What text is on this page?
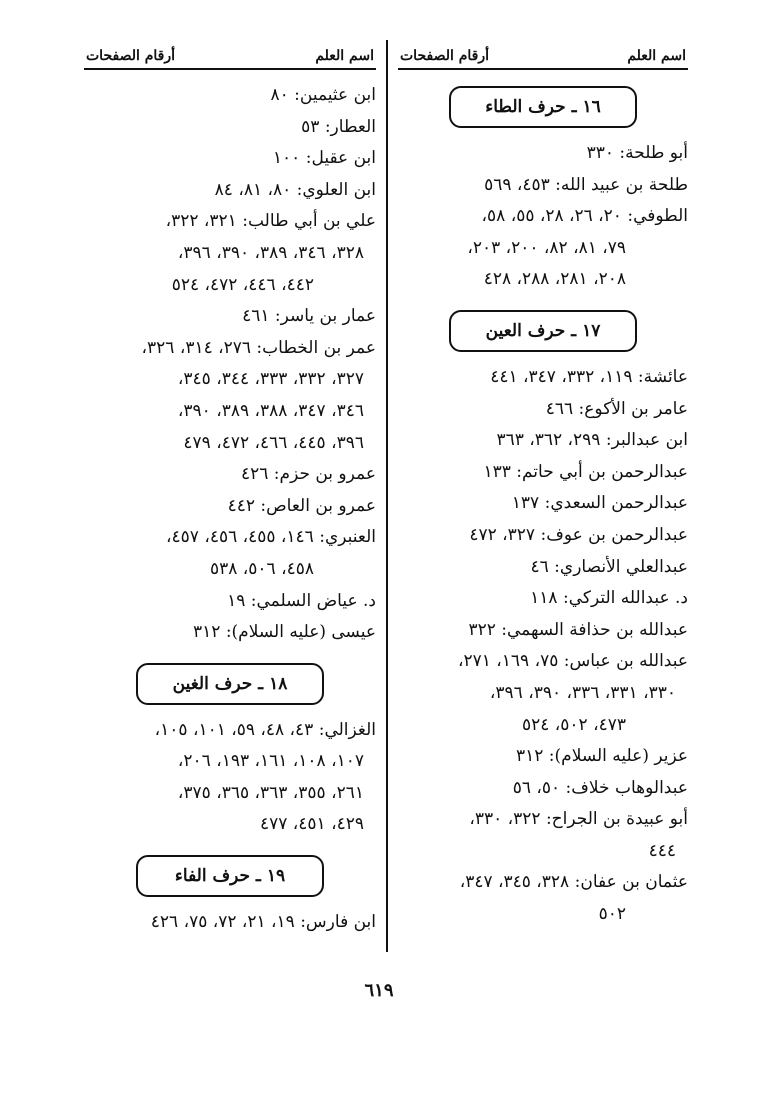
اسم العلم
أرقام الصفحات
١٦ ـ حرف الطاء
أبو طلحة: ٣٣٠
طلحة بن عبيد الله: ٤٥٣، ٥٦٩
الطوفي: ٢٠، ٢٦، ٢٨، ٥٥، ٥٨،
٧٩، ٨١، ٨٢، ٢٠٠، ٢٠٣،
٢٠٨، ٢٨١، ٢٨٨، ٤٢٨
١٧ ـ حرف العين
عائشة: ١١٩، ٣٣٢، ٣٤٧، ٤٤١
عامر بن الأكوع: ٤٦٦
ابن عبدالبر: ٢٩٩، ٣٦٢، ٣٦٣
عبدالرحمن بن أبي حاتم: ١٣٣
عبدالرحمن السعدي: ١٣٧
عبدالرحمن بن عوف: ٣٢٧، ٤٧٢
عبدالعلي الأنصاري: ٤٦
د. عبدالله التركي: ١١٨
عبدالله بن حذافة السهمي: ٣٢٢
عبدالله بن عباس: ٧٥، ١٦٩، ٢٧١،
٣٣٠، ٣٣١، ٣٣٦، ٣٩٠، ٣٩٦،
٤٧٣، ٥٠٢، ٥٢٤
عزير (عليه السلام): ٣١٢
عبدالوهاب خلاف: ٥٠، ٥٦
أبو عبيدة بن الجراح: ٣٢٢، ٣٣٠،
٤٤٤
عثمان بن عفان: ٣٢٨، ٣٤٥، ٣٤٧،
٥٠٢
اسم العلم
أرقام الصفحات
ابن عثيمين: ٨٠
العطار: ٥٣
ابن عقيل: ١٠٠
ابن العلوي: ٨٠، ٨١، ٨٤
علي بن أبي طالب: ٣٢١، ٣٢٢،
٣٢٨، ٣٤٦، ٣٨٩، ٣٩٠، ٣٩٦،
٤٤٢، ٤٤٦، ٤٧٢، ٥٢٤
عمار بن ياسر: ٤٦١
عمر بن الخطاب: ٢٧٦، ٣١٤، ٣٢٦،
٣٢٧، ٣٣٢، ٣٣٣، ٣٤٤، ٣٤٥،
٣٤٦، ٣٤٧، ٣٨٨، ٣٨٩، ٣٩٠،
٣٩٦، ٤٤٥، ٤٦٦، ٤٧٢، ٤٧٩
عمرو بن حزم: ٤٢٦
عمرو بن العاص: ٤٤٢
العنبري: ١٤٦، ٤٥٥، ٤٥٦، ٤٥٧،
٤٥٨، ٥٠٦، ٥٣٨
د. عياض السلمي: ١٩
عيسى (عليه السلام): ٣١٢
١٨ ـ حرف الغين
الغزالي: ٤٣، ٤٨، ٥٩، ١٠١، ١٠٥،
١٠٧، ١٠٨، ١٦١، ١٩٣، ٢٠٦،
٢٦١، ٣٥٥، ٣٦٣، ٣٦٥، ٣٧٥،
٤٢٩، ٤٥١، ٤٧٧
١٩ ـ حرف الفاء
ابن فارس: ١٩، ٢١، ٧٢، ٧٥، ٤٢٦
٦١٩
